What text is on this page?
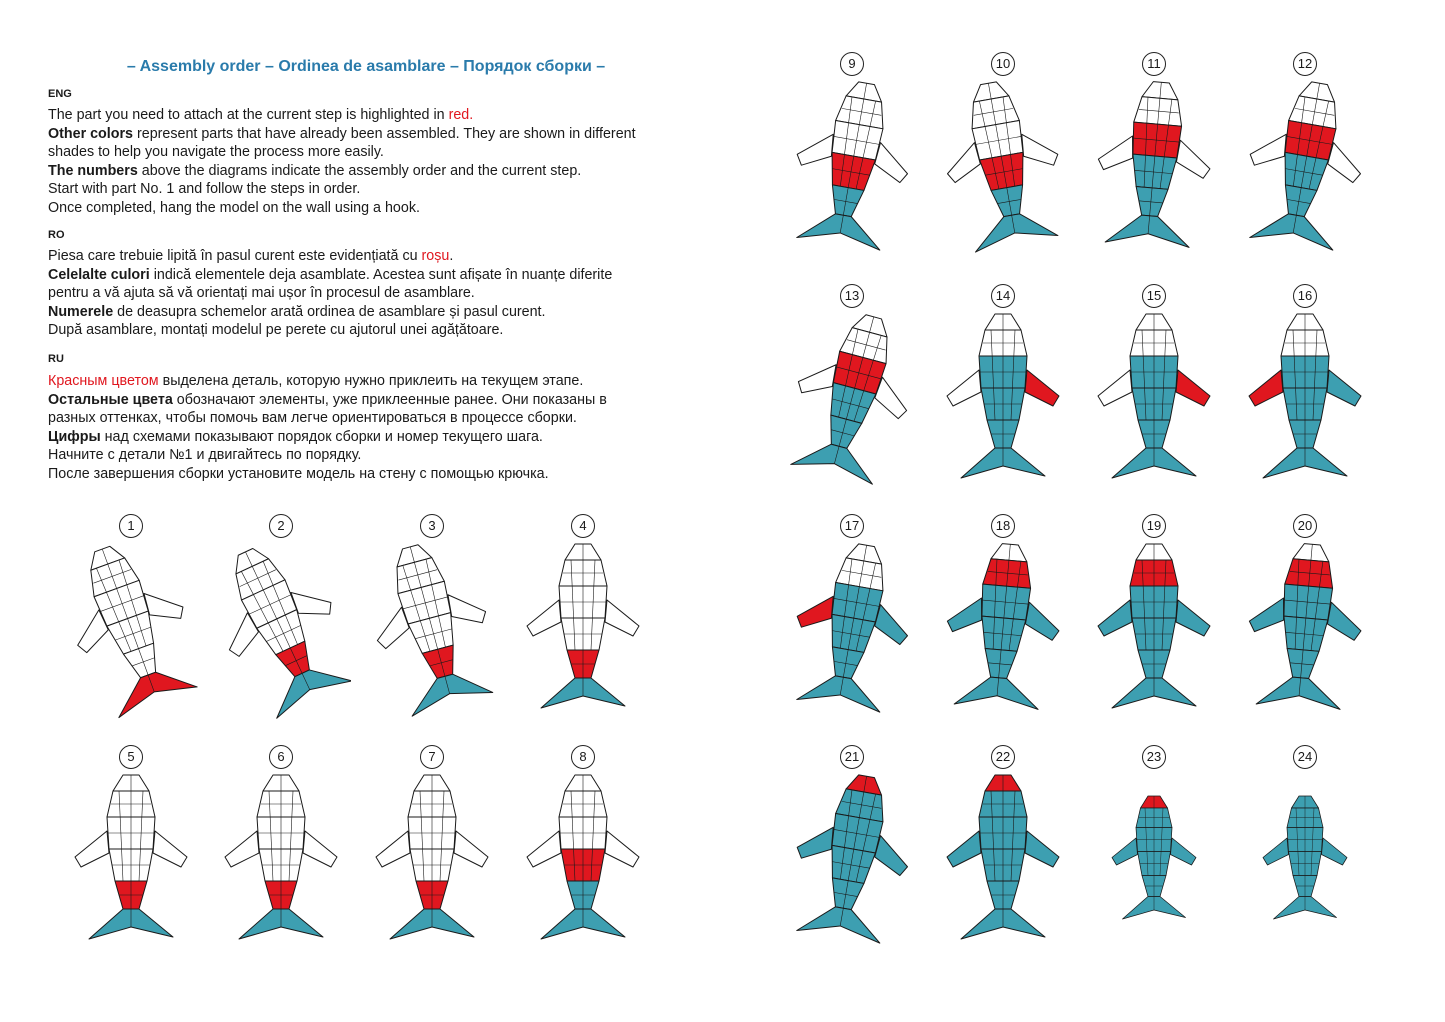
– Assembly order – Ordinea de asamblare – Порядок сборки –
ENG
The part you need to attach at the current step is highlighted in red.
Other colors represent parts that have already been assembled. They are shown in different
shades to help you navigate the process more easily.
The numbers above the diagrams indicate the assembly order and the current step.
Start with part No. 1 and follow the steps in order.
Once completed, hang the model on the wall using a hook.
RO
Piesa care trebuie lipită în pasul curent este evidențiată cu roșu.
Celelalte culori indică elementele deja asamblate. Acestea sunt afișate în nuanțe diferite
pentru a vă ajuta să vă orientați mai ușor în procesul de asamblare.
Numerele de deasupra schemelor arată ordinea de asamblare și pasul curent.
După asamblare, montați modelul pe perete cu ajutorul unei agățătoare.
RU
Красным цветом выделена деталь, которую нужно приклеить на текущем этапе.
Остальные цвета обозначают элементы, уже приклеенные ранее. Они показаны в
разных оттенках, чтобы помочь вам легче ориентироваться в процессе сборки.
Цифры над схемами показывают порядок сборки и номер текущего шага.
Начните с детали №1 и двигайтесь по порядку.
После завершения сборки установите модель на стену с помощью крючка.
1	2	3	4
5	6	7	8
9	10	11	12
13	14	15	16
17	18	19	20
21	22	23	24
